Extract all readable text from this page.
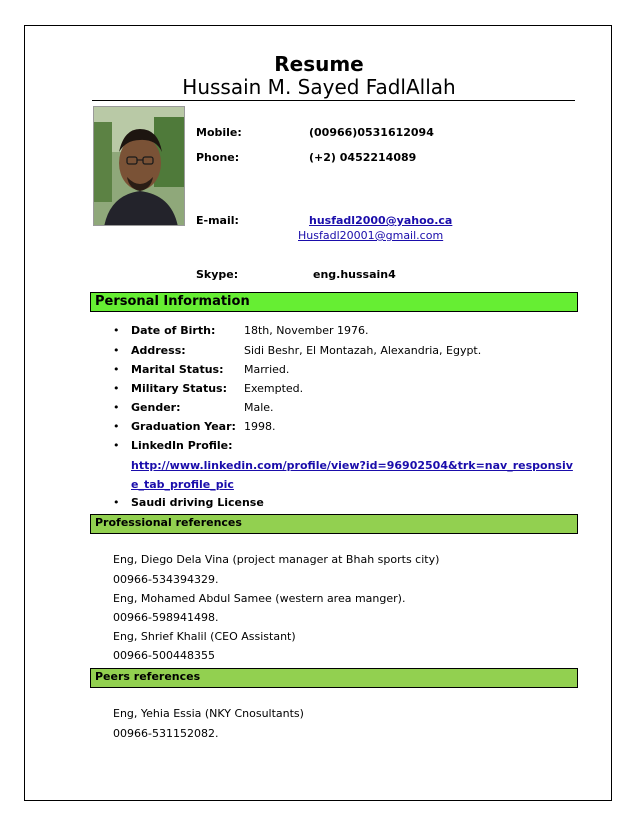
Resume
Hussain M. Sayed FadlAllah
Mobile:	(00966)0531612094
Phone:	(+2) 0452214089
E-mail:	husfadl2000@yahoo.ca
Husfadl20001@gmail.com
Skype:	eng.hussain4
Personal Information
• Date of Birth:	18th, November 1976.
• Address:	Sidi Beshr, El Montazah, Alexandria, Egypt.
• Marital Status: Married.
• Military Status: Exempted.
• Gender:	Male.
• Graduation Year: 1998.
• LinkedIn Profile:
http://www.linkedin.com/profile/view?id=96902504&trk=nav_responsiv
e_tab_profile_pic
• Saudi driving License
Professional references
Eng, Diego Dela Vina (project manager at Bhah sports city)
00966-534394329.
Eng, Mohamed Abdul Samee (western area manger).
00966-598941498.
Eng, Shrief Khalil (CEO Assistant)
00966-500448355
Peers references
Eng, Yehia Essia (NKY Cnosultants)
00966-531152082.
